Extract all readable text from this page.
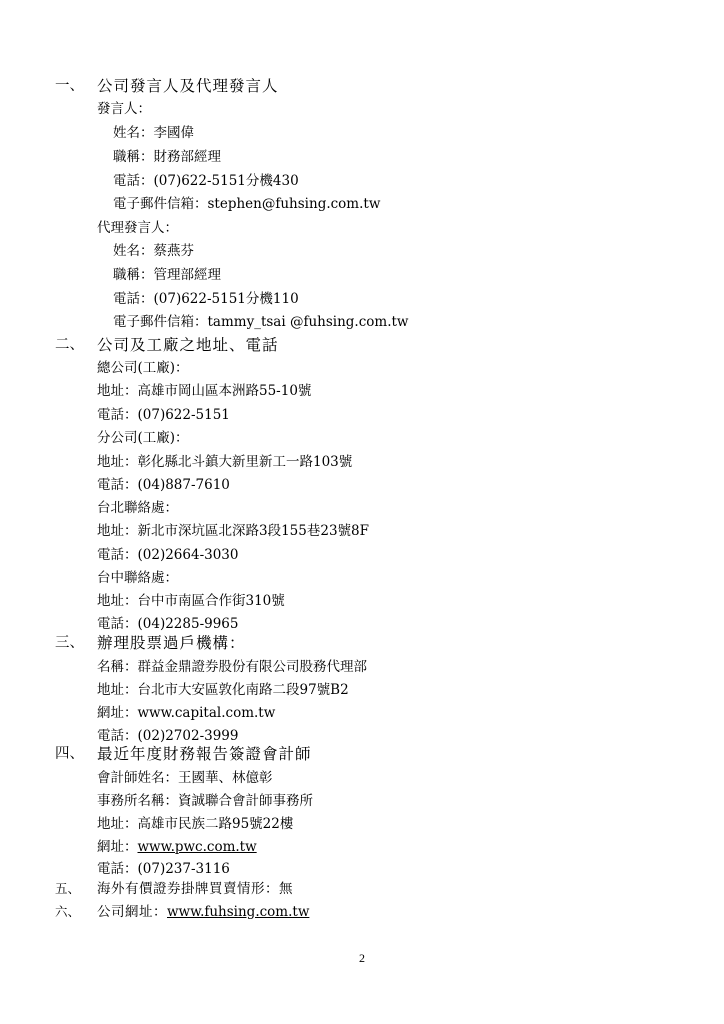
一、 公司發言人及代理發言人
發言人：
姓名：李國偉
職稱：財務部經理
電話：(07)622-5151分機430
電子郵件信箱：stephen@fuhsing.com.tw
代理發言人：
姓名：蔡燕芬
職稱：管理部經理
電話：(07)622-5151分機110
電子郵件信箱：tammy_tsai @fuhsing.com.tw
二、 公司及工廠之地址、電話
總公司(工廠)：
地址：高雄市岡山區本洲路55-10號
電話：(07)622-5151
分公司(工廠)：
地址：彰化縣北斗鎮大新里新工一路103號
電話：(04)887-7610
台北聯絡處：
地址：新北市深坑區北深路3段155巷23號8F
電話：(02)2664-3030
台中聯絡處：
地址：台中市南區合作街310號
電話：(04)2285-9965
三、 辦理股票過戶機構：
名稱：群益金鼎證券股份有限公司股務代理部
地址：台北市大安區敦化南路二段97號B2
網址：www.capital.com.tw
電話：(02)2702-3999
四、 最近年度財務報告簽證會計師
會計師姓名：王國華、林億彰
事務所名稱：資誠聯合會計師事務所
地址：高雄市民族二路95號22樓
網址：www.pwc.com.tw
電話：(07)237-3116
五、 海外有價證券掛牌買賣情形：無
六、 公司網址：www.fuhsing.com.tw
2
